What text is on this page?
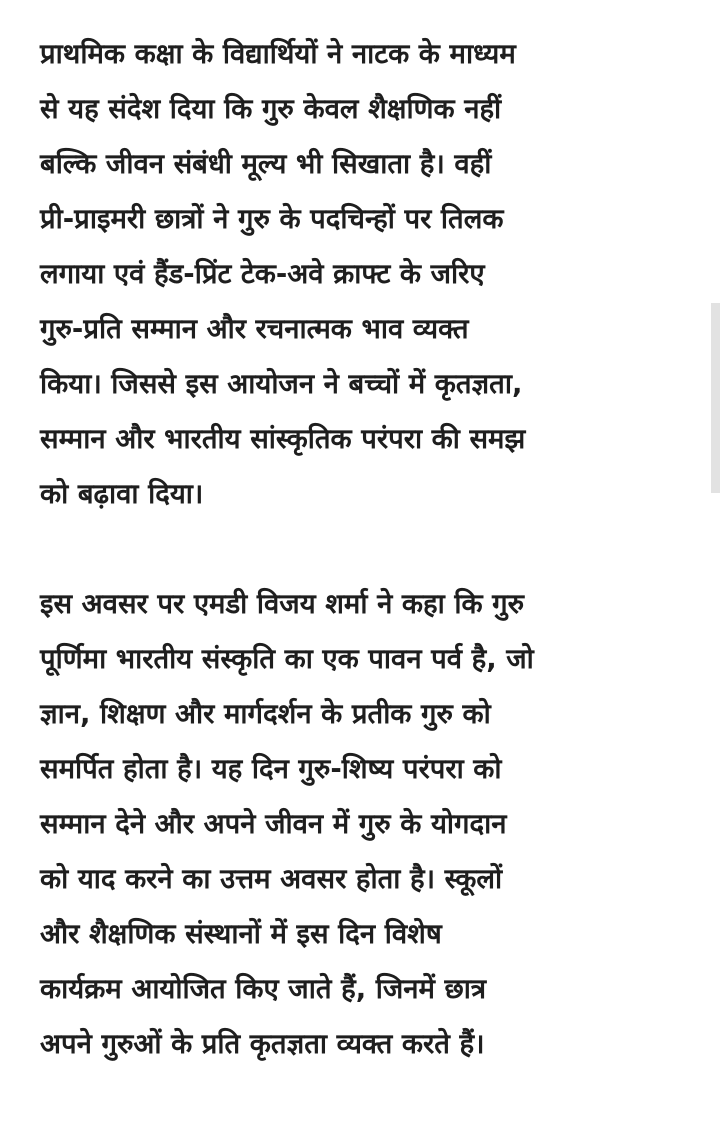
प्राथमिक कक्षा के विद्यार्थियों ने नाटक के माध्यम
से यह संदेश दिया कि गुरु केवल शैक्षणिक नहीं
बल्कि जीवन संबंधी मूल्य भी सिखाता है। वहीं
प्री-प्राइमरी छात्रों ने गुरु के पदचिन्हों पर तिलक
लगाया एवं हैंड-प्रिंट टेक-अवे क्राफ्ट के जरिए
गुरु-प्रति सम्मान और रचनात्मक भाव व्यक्त
किया। जिससे इस आयोजन ने बच्चों में कृतज्ञता,
सम्मान और भारतीय सांस्कृतिक परंपरा की समझ
को बढ़ावा दिया।

इस अवसर पर एमडी विजय शर्मा ने कहा कि गुरु
पूर्णिमा भारतीय संस्कृति का एक पावन पर्व है, जो
ज्ञान, शिक्षण और मार्गदर्शन के प्रतीक गुरु को
समर्पित होता है। यह दिन गुरु-शिष्य परंपरा को
सम्मान देने और अपने जीवन में गुरु के योगदान
को याद करने का उत्तम अवसर होता है। स्कूलों
और शैक्षणिक संस्थानों में इस दिन विशेष
कार्यक्रम आयोजित किए जाते हैं, जिनमें छात्र
अपने गुरुओं के प्रति कृतज्ञता व्यक्त करते हैं।
